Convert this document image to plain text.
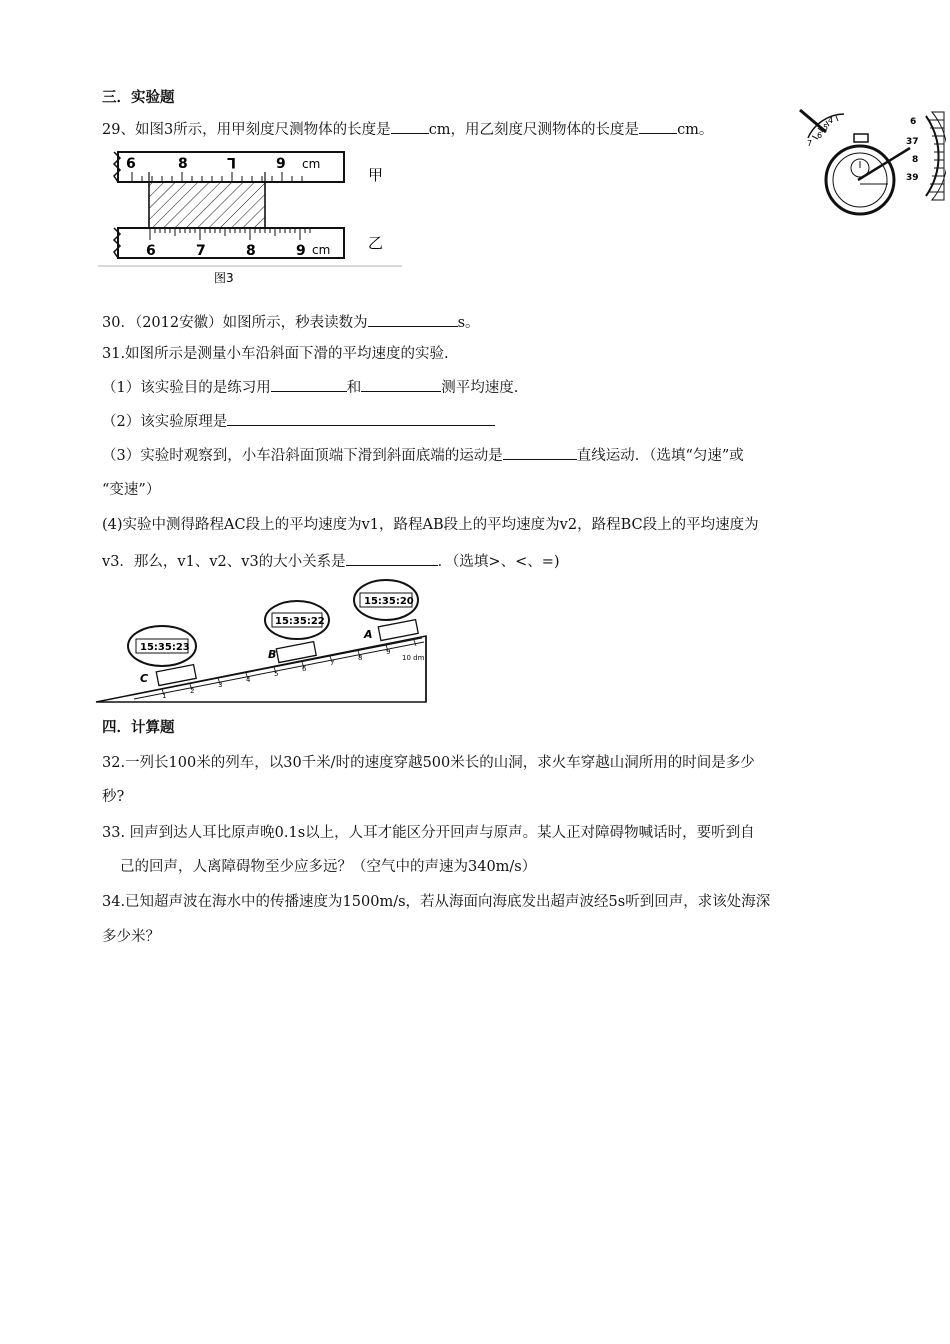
三．实验题
29、如图3所示，用甲刻度尺测物体的长度是	cm，用乙刻度尺测物体的长度是	cm。
6	8	L	9 cm
甲
6	7	8	9 cm	乙
图3
4
5
6
7
6
37
8
39
30．（2012安徽）如图所示，秒表读数为	s。
31.如图所示是测量小车沿斜面下滑的平均速度的实验.
（1）该实验目的是练习用	和	测平均速度.
（2）该实验原理是
（3）实验时观察到，小车沿斜面顶端下滑到斜面底端的运动是	直线运动．（选填“匀速”或
“变速”）
(4)实验中测得路程AC段上的平均速度为v1，路程AB段上的平均速度为v2，路程BC段上的平均速度为
v3．那么，v1、v2、v3的大小关系是	．（选填>、<、=)
1
2
3
4
5
6
7
8
9
10 dm
C
B
A
15:35:23
15:35:22
15:35:20
四．计算题
32.一列长100米的列车，以30千米/时的速度穿越500米长的山洞，求火车穿越山洞所用的时间是多少
秒?
33. 回声到达人耳比原声晚0.1s以上，人耳才能区分开回声与原声。某人正对障碍物喊话时，要听到自
己的回声，人离障碍物至少应多远？（空气中的声速为340m/s）
34.已知超声波在海水中的传播速度为1500m/s，若从海面向海底发出超声波经5s听到回声，求该处海深
多少米？
